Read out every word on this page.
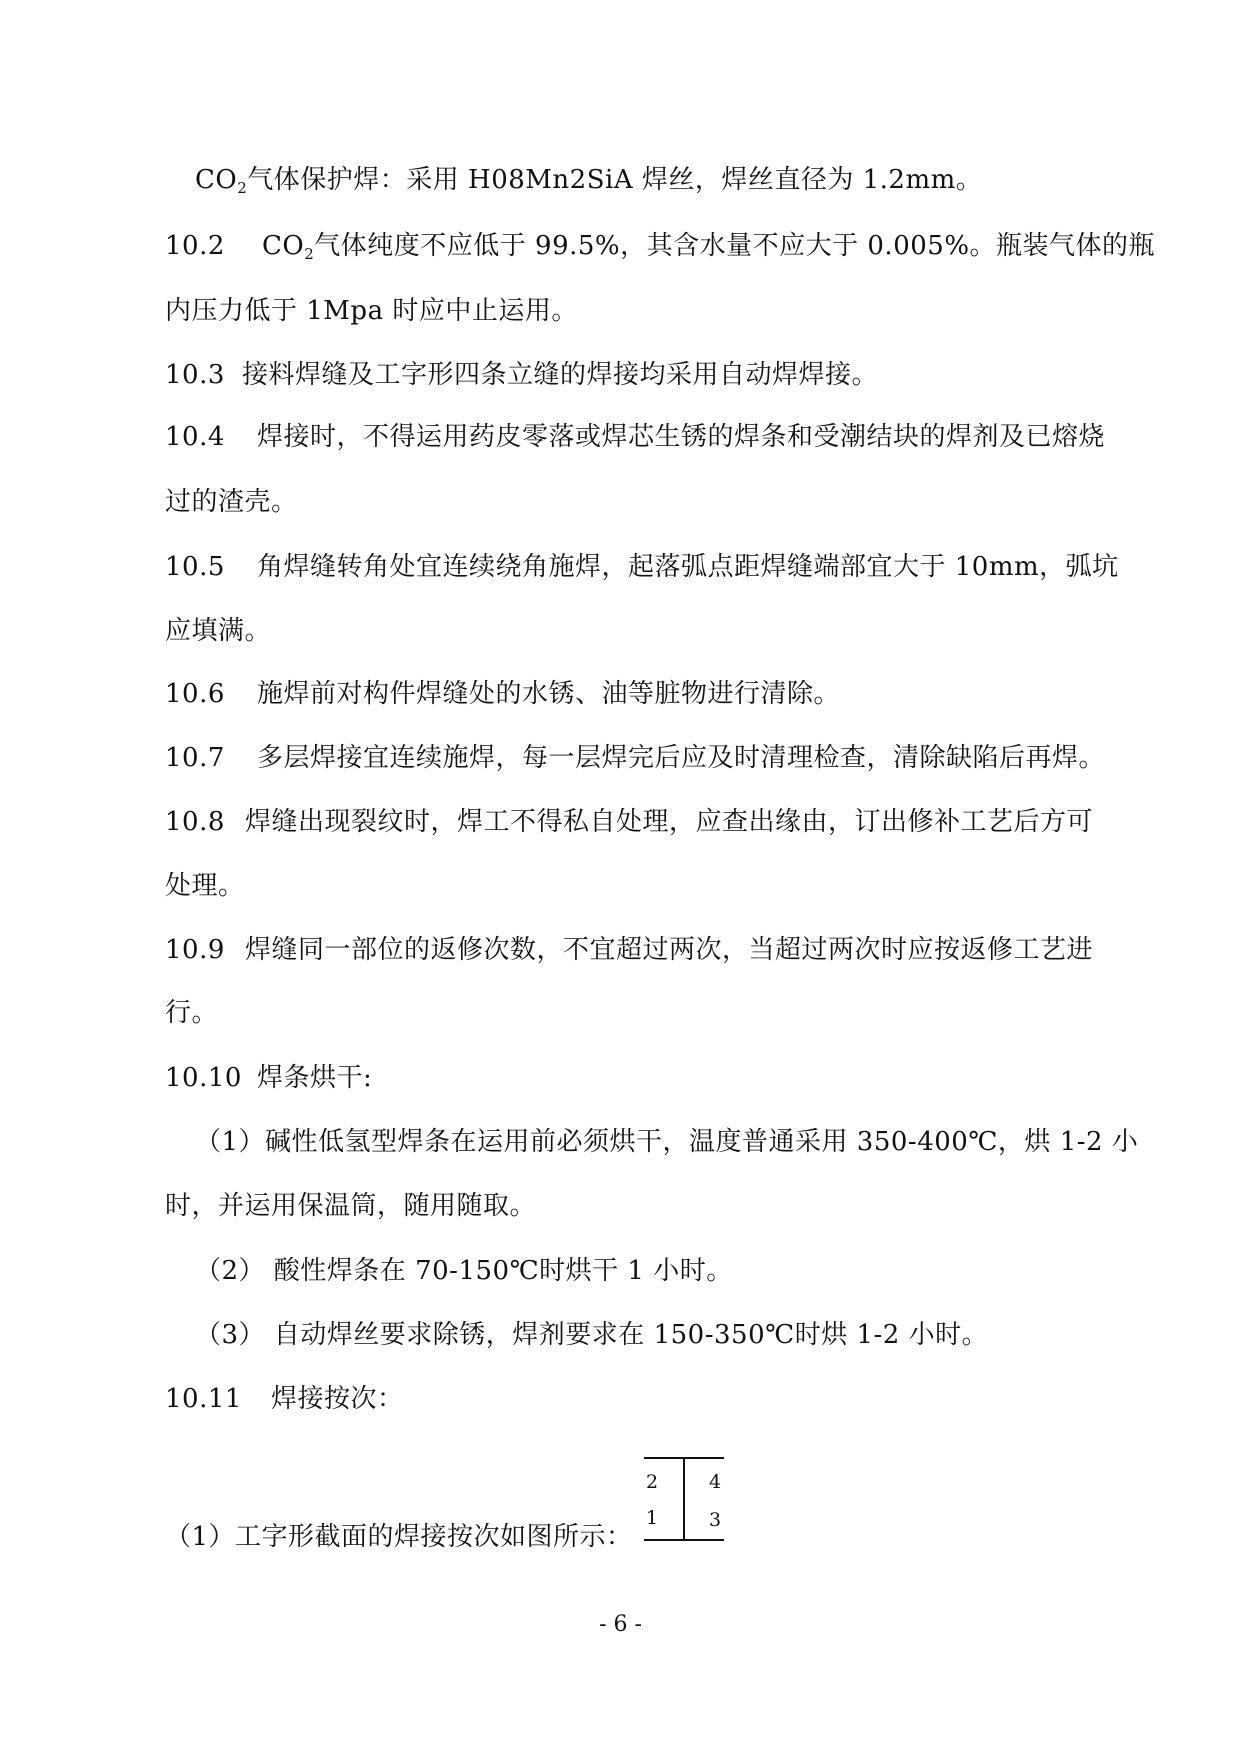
$CO_2$气体保护焊：采用 H08Mn2SiA 焊丝，焊丝直径为 1.2mm。
10.2 $CO_2$气体纯度不应低于 99.5%，其含水量不应大于 0.005%。瓶装气体的瓶
内压力低于 1Mpa 时应中止运用。
10.3 接料焊缝及工字形四条立缝的焊接均采用自动焊焊接。
10.4 焊接时，不得运用药皮零落或焊芯生锈的焊条和受潮结块的焊剂及已熔烧
过的渣壳。
10.5 角焊缝转角处宜连续绕角施焊，起落弧点距焊缝端部宜大于 10mm，弧坑
应填满。
10.6 施焊前对构件焊缝处的水锈、油等脏物进行清除。
10.7 多层焊接宜连续施焊，每一层焊完后应及时清理检查，清除缺陷后再焊。
10.8 焊缝出现裂纹时，焊工不得私自处理，应查出缘由，订出修补工艺后方可
处理。
10.9 焊缝同一部位的返修次数，不宜超过两次，当超过两次时应按返修工艺进
行。
10.10 焊条烘干:
（1）碱性低氢型焊条在运用前必须烘干，温度普通采用 350-400℃，烘 1-2 小
时，并运用保温筒，随用随取。
（2） 酸性焊条在 70-150℃时烘干 1 小时。
（3） 自动焊丝要求除锈，焊剂要求在 150-350℃时烘 1-2 小时。
10.11 焊接按次：
（1）工字形截面的焊接按次如图所示：
2	4
1	3
- 6 -
